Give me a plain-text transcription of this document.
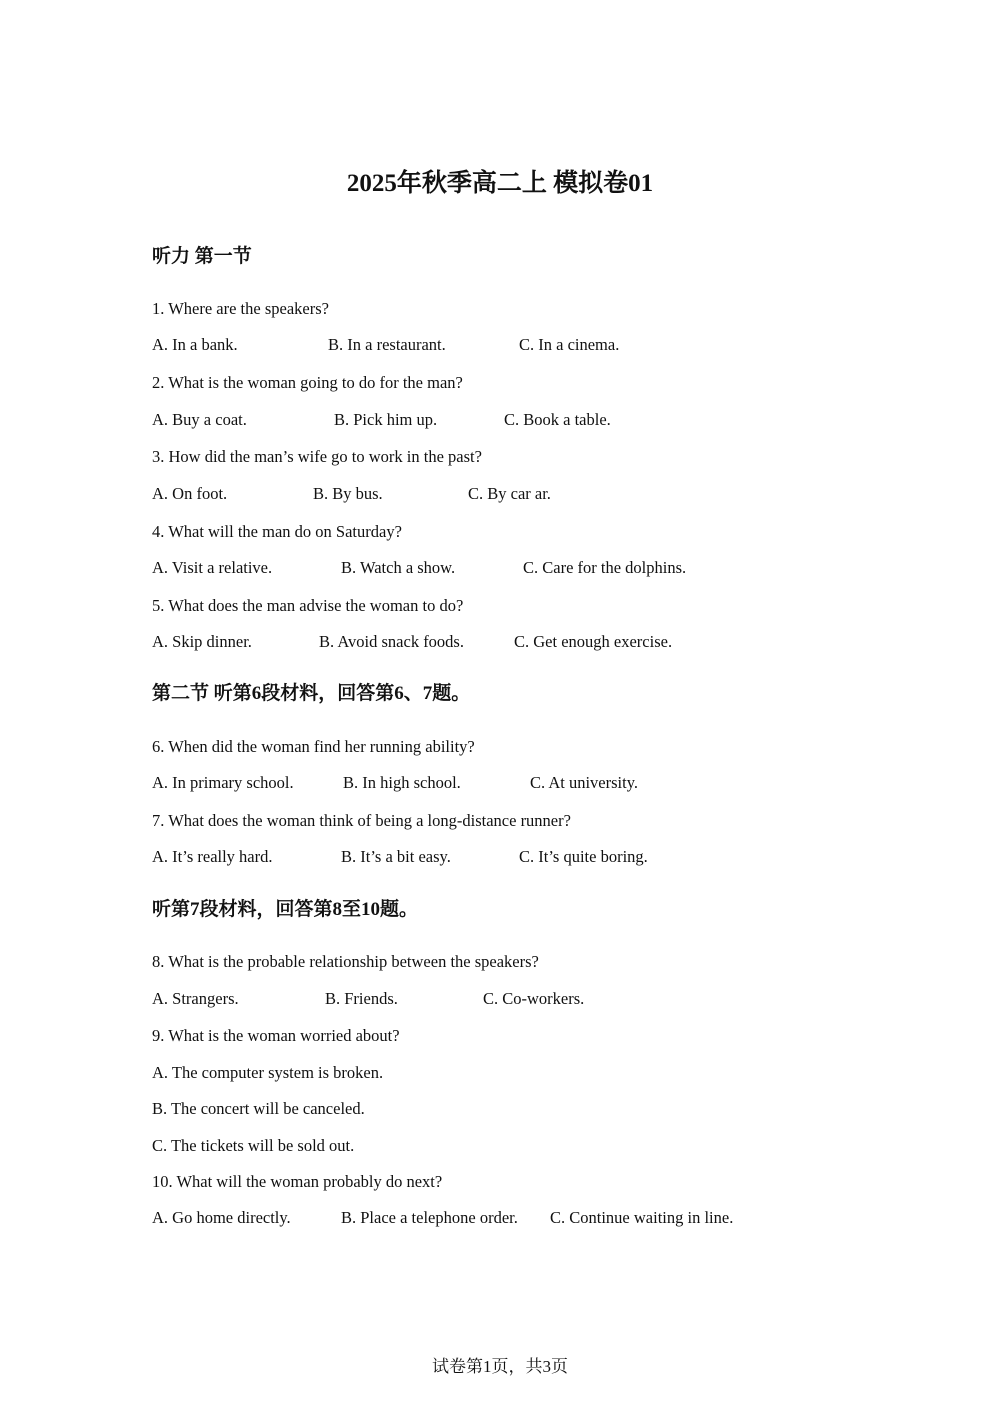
2025年秋季高二上 模拟卷01
听力 第一节
1. Where are the speakers?
A. In a bank.	B. In a restaurant.	C. In a cinema.
2. What is the woman going to do for the man?
A. Buy a coat.	B. Pick him up.	C. Book a table.
3. How did the man’s wife go to work in the past?
A. On foot.	B. By bus.	C. By car ar.
4. What will the man do on Saturday?
A. Visit a relative.	B. Watch a show.	C. Care for the dolphins.
5. What does the man advise the woman to do?
A. Skip dinner.	B. Avoid snack foods.	C. Get enough exercise.
第二节 听第6段材料，回答第6、7题。
6. When did the woman find her running ability?
A. In primary school.	B. In high school.	C. At university.
7. What does the woman think of being a long-distance runner?
A. It’s really hard.	B. It’s a bit easy.	C. It’s quite boring.
听第7段材料，回答第8至10题。
8. What is the probable relationship between the speakers?
A. Strangers.	B. Friends.	C. Co-workers.
9. What is the woman worried about?
A. The computer system is broken.
B. The concert will be canceled.
C. The tickets will be sold out.
10. What will the woman probably do next?
A. Go home directly.	B. Place a telephone order. C. Continue waiting in line.
试卷第1页，共3页
